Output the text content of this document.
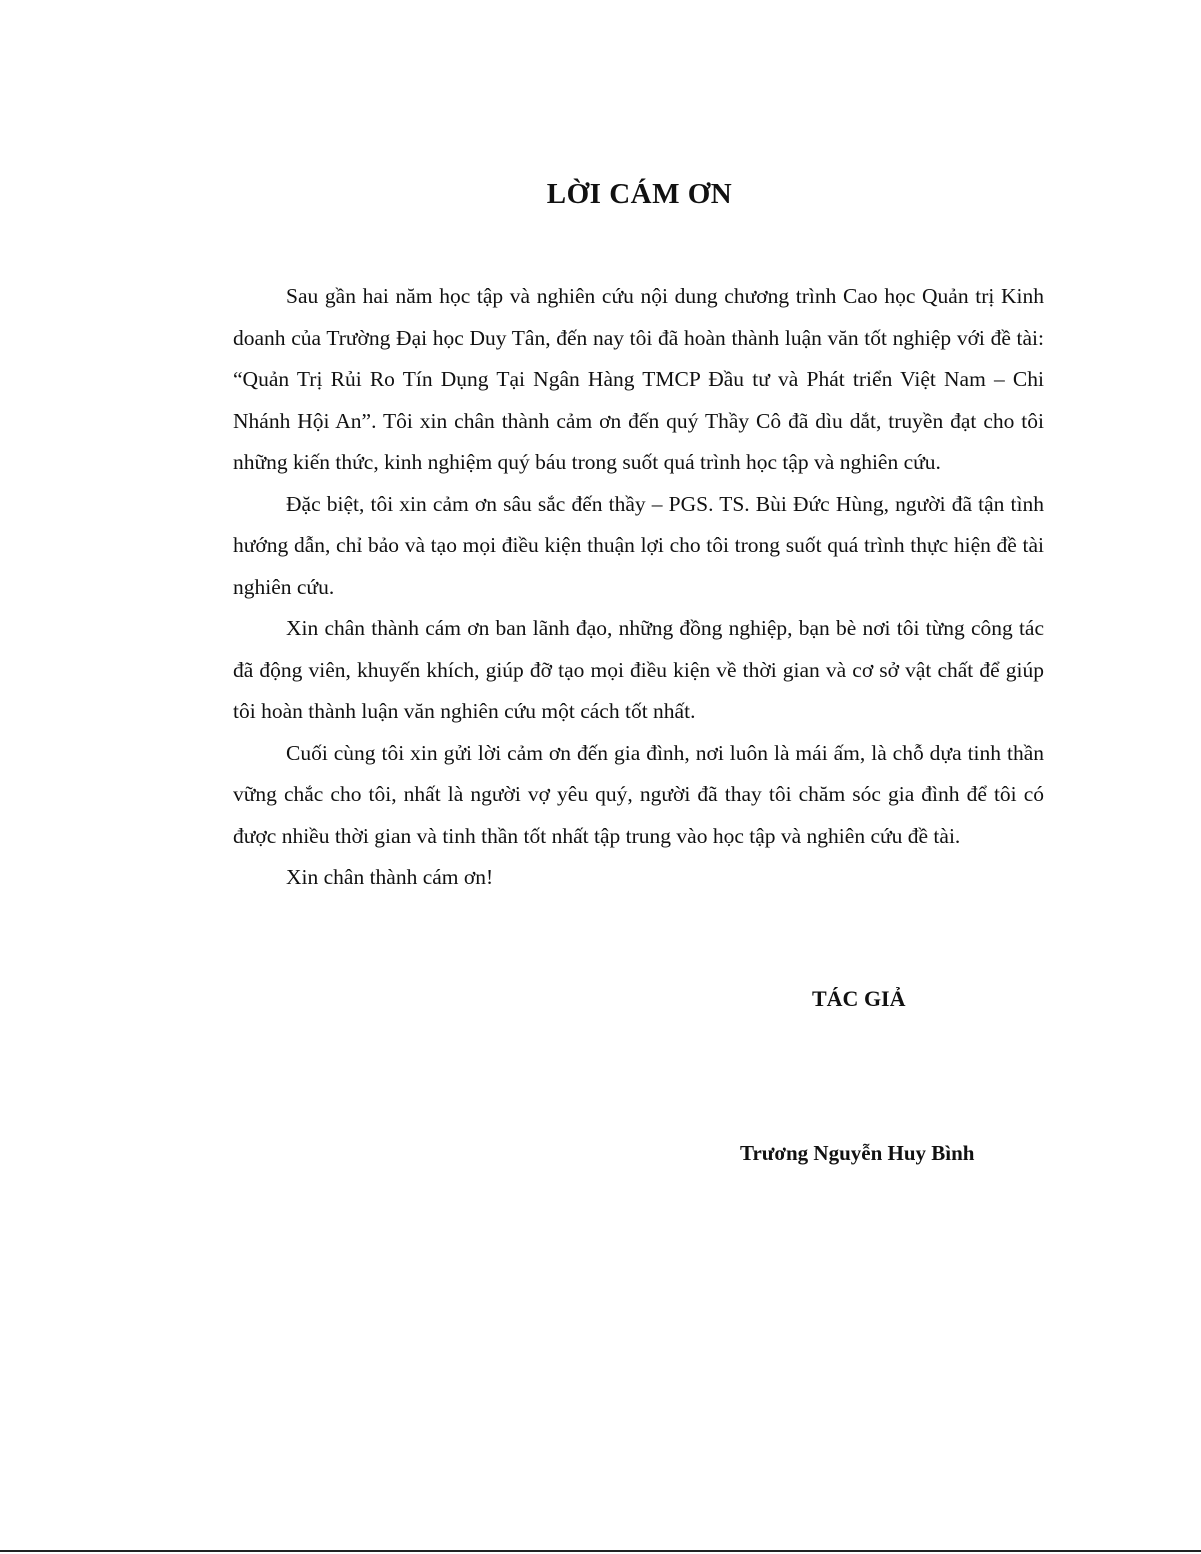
LỜI CÁM ƠN

Sau gần hai năm học tập và nghiên cứu nội dung chương trình Cao học Quản trị Kinh doanh của Trường Đại học Duy Tân, đến nay tôi đã hoàn thành luận văn tốt nghiệp với đề tài: “Quản Trị Rủi Ro Tín Dụng Tại Ngân Hàng TMCP Đầu tư và Phát triển Việt Nam – Chi Nhánh Hội An”. Tôi xin chân thành cảm ơn đến quý Thầy Cô đã dìu dắt, truyền đạt cho tôi những kiến thức, kinh nghiệm quý báu trong suốt quá trình học tập và nghiên cứu.

Đặc biệt, tôi xin cảm ơn sâu sắc đến thầy – PGS. TS. Bùi Đức Hùng, người đã tận tình hướng dẫn, chỉ bảo và tạo mọi điều kiện thuận lợi cho tôi trong suốt quá trình thực hiện đề tài nghiên cứu.

Xin chân thành cám ơn ban lãnh đạo, những đồng nghiệp, bạn bè nơi tôi từng công tác đã động viên, khuyến khích, giúp đỡ tạo mọi điều kiện về thời gian và cơ sở vật chất để giúp tôi hoàn thành luận văn nghiên cứu một cách tốt nhất.

Cuối cùng tôi xin gửi lời cảm ơn đến gia đình, nơi luôn là mái ấm, là chỗ dựa tinh thần vững chắc cho tôi, nhất là người vợ yêu quý, người đã thay tôi chăm sóc gia đình để tôi có được nhiều thời gian và tinh thần tốt nhất tập trung vào học tập và nghiên cứu đề tài.

Xin chân thành cám ơn!

TÁC GIẢ
Trương Nguyễn Huy Bình
